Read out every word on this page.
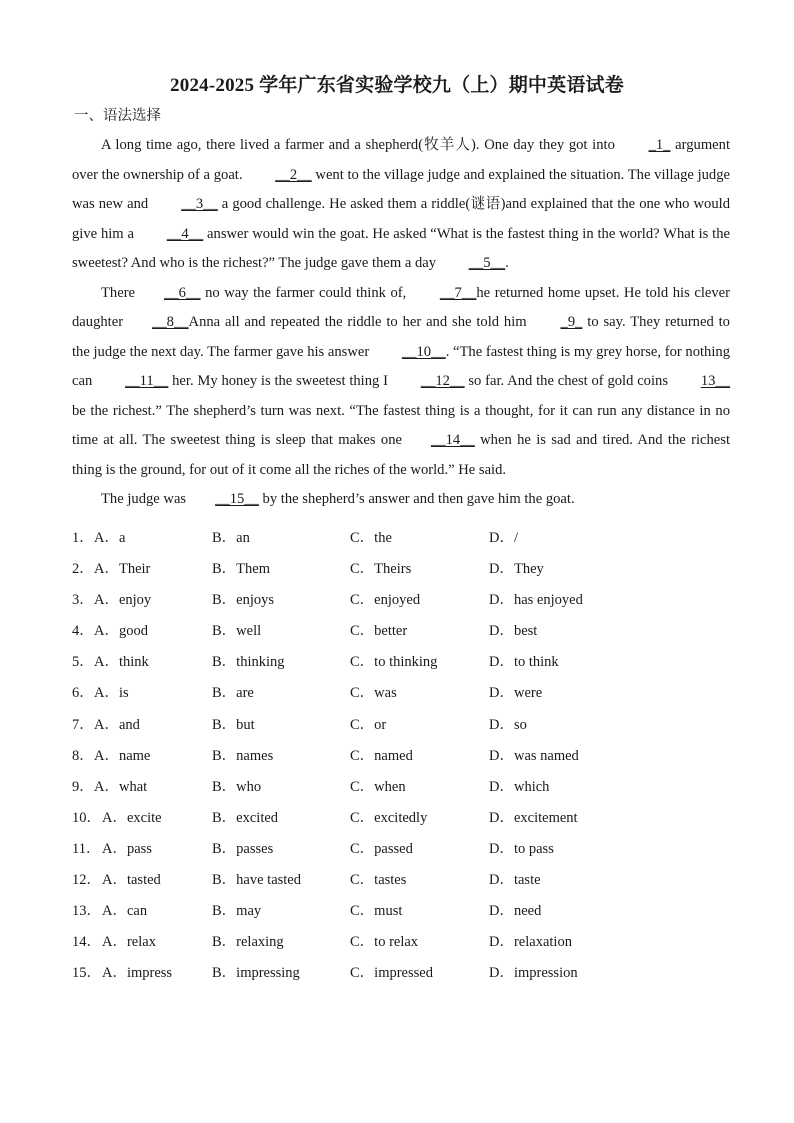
2024-2025 学年广东省实验学校九（上）期中英语试卷
一、语法选择

A long time ago, there lived a farmer and a shepherd(牧羊人). One day they got into _1_ argument over the ownership of a goat. __2__ went to the village judge and explained the situation. The village judge was new and __3__ a good challenge. He asked them a riddle(谜语)and explained that the one who would give him a __4__ answer would win the goat. He asked “What is the fastest thing in the world? What is the sweetest? And who is the richest?” The judge gave them a day __5__.

There __6__ no way the farmer could think of, __7__he returned home upset. He told his clever daughter __8__Anna all and repeated the riddle to her and she told him _9_ to say. They returned to the judge the next day. The farmer gave his answer __10__. “The fastest thing is my grey horse, for nothing can __11__ her. My honey is the sweetest thing I __12__ so far. And the chest of gold coins 13__ be the richest.” The shepherd’s turn was next. “The fastest thing is a thought, for it can run any distance in no time at all. The sweetest thing is sleep that makes one __14__ when he is sad and tired. And the richest thing is the ground, for out of it come all the riches of the world.” He said.

The judge was __15__ by the shepherd’s answer and then gave him the goat.

1． A．a	B．an	C．the	D．/
2． A．Their	B．Them	C．Theirs	D．They
3． A．enjoy	B．enjoys	C．enjoyed	D．has enjoyed
4． A．good	B．well	C．better	D．best
5． A．think	B．thinking	C．to thinking	D．to think
6． A．is	B．are	C．was	D．were
7． A．and	B．but	C．or	D．so
8． A．name	B．names	C．named	D．was named
9． A．what	B．who	C．when	D．which
10． A．excite	B．excited	C．excitedly	D．excitement
11． A．pass	B．passes	C．passed	D．to pass
12． A．tasted	B．have tasted	C．tastes	D．taste
13． A．can	B．may	C．must	D．need
14． A．relax	B．relaxing	C．to relax	D．relaxation
15． A．impress	B．impressing	C．impressed	D．impression
